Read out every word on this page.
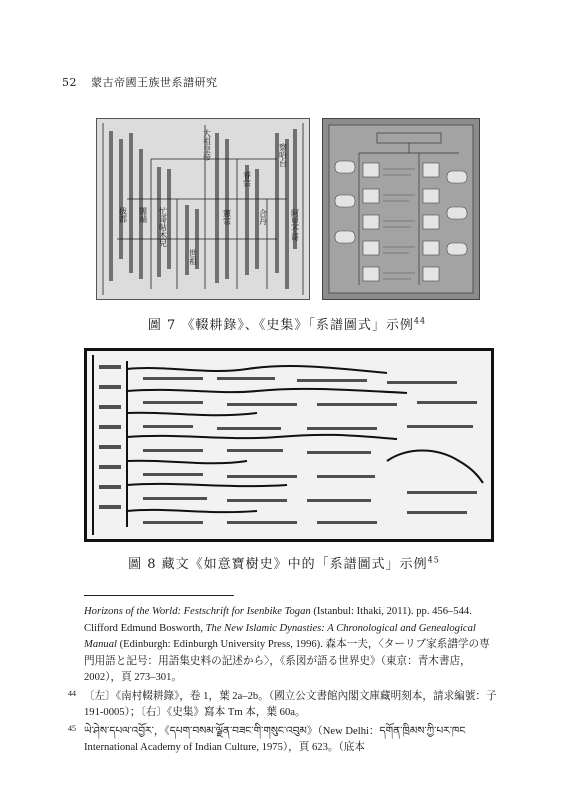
52 蒙古帝國王族世系譜研究
察哈台
大祖皇帝
睿宗
憲宗
世祖
拔都 闊端 忙哥帖木兒	合丹	阿里不哥
圖 7 《輟耕錄》、《史集》「系譜圖式」示例$^{44}$
圖 8 藏文《如意寶樹史》中的「系譜圖式」示例$^{45}$

Horizons of the World: Festschrift for Isenbike Togan (Istanbul: Ithaki, 2011). pp. 456–544. Clifford Edmund Bosworth, The New Islamic Dynasties: A Chronological and Genealogical Manual (Edinburgh: Edinburgh University Press, 1996). 森本一夫，〈ターリブ家系譜学の専門用語と記号：用語集史料の記述から〉，《系図が語る世界史》（東京：青木書店，2002），頁 273–301。

44 〔左〕《南村輟耕錄》，卷 1，葉 2a–2b。（國立公文書館內閣文庫藏明刻本，請求編號：子 191-0005）；〔右〕《史集》寫本 Tm 本，葉 60a。

45 ཡེ་ཤེས་དཔལ་འབྱོར་，《དཔག་བསམ་ལྗོན་བཟང་གི་གསུང་འབུམ》（New Delhi：དགོན་ཁྲིམས་ཀྱི་པར་ཁང International Academy of Indian Culture, 1975），頁 623。（底本
